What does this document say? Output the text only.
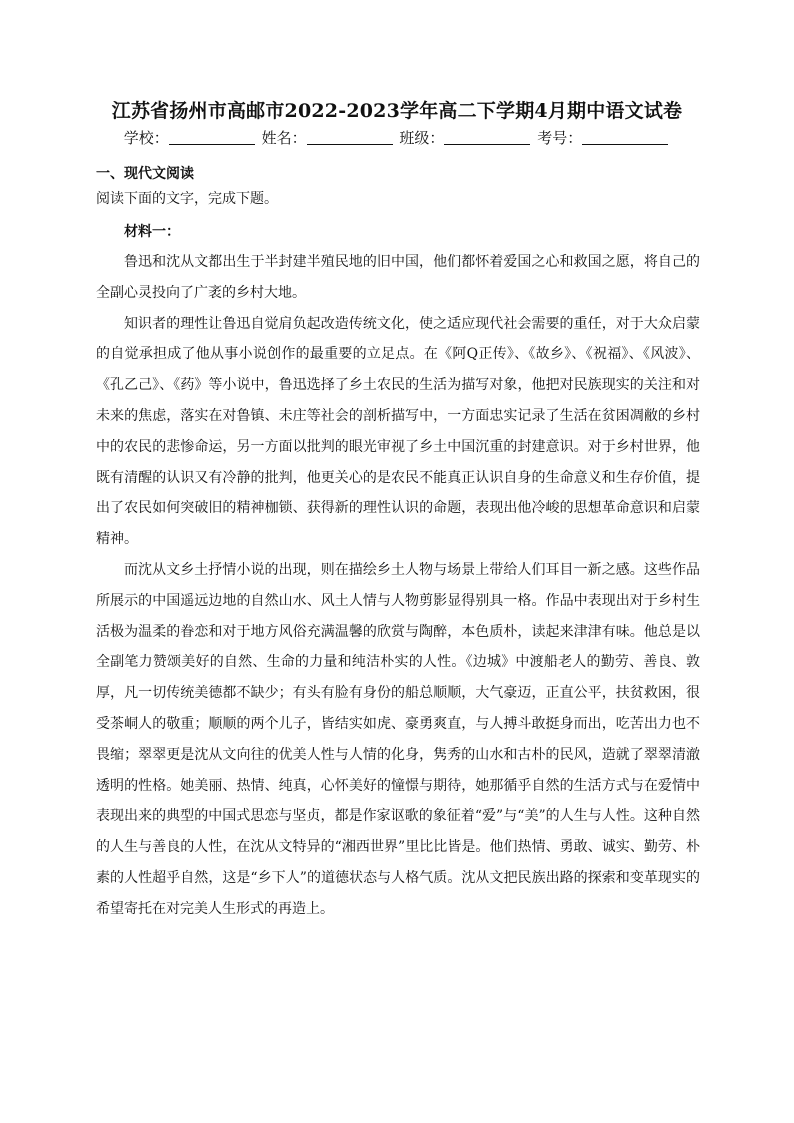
江苏省扬州市高邮市2022-2023学年高二下学期4月期中语文试卷
学校：	姓名：	班级：	考号：
一、现代文阅读
阅读下面的文字，完成下题。
材料一：

鲁迅和沈从文都出生于半封建半殖民地的旧中国，他们都怀着爱国之心和救国之愿，将自己的全副心灵投向了广袤的乡村大地。

知识者的理性让鲁迅自觉肩负起改造传统文化，使之适应现代社会需要的重任，对于大众启蒙的自觉承担成了他从事小说创作的最重要的立足点。在《阿Q正传》、《故乡》、《祝福》、《风波》、《孔乙己》、《药》等小说中，鲁迅选择了乡土农民的生活为描写对象，他把对民族现实的关注和对未来的焦虑，落实在对鲁镇、未庄等社会的剖析描写中，一方面忠实记录了生活在贫困凋敝的乡村中的农民的悲惨命运，另一方面以批判的眼光审视了乡土中国沉重的封建意识。对于乡村世界，他既有清醒的认识又有冷静的批判，他更关心的是农民不能真正认识自身的生命意义和生存价值，提出了农民如何突破旧的精神枷锁、获得新的理性认识的命题，表现出他冷峻的思想革命意识和启蒙精神。

而沈从文乡土抒情小说的出现，则在描绘乡土人物与场景上带给人们耳目一新之感。这些作品所展示的中国遥远边地的自然山水、风土人情与人物剪影显得别具一格。作品中表现出对于乡村生活极为温柔的眷恋和对于地方风俗充满温馨的欣赏与陶醉，本色质朴，读起来津津有味。他总是以全副笔力赞颂美好的自然、生命的力量和纯洁朴实的人性。《边城》中渡船老人的勤劳、善良、敦厚，凡一切传统美德都不缺少；有头有脸有身份的船总顺顺，大气豪迈，正直公平，扶贫救困，很受茶峒人的敬重；顺顺的两个儿子，皆结实如虎、豪勇爽直，与人搏斗敢挺身而出，吃苦出力也不畏缩；翠翠更是沈从文向往的优美人性与人情的化身，隽秀的山水和古朴的民风，造就了翠翠清澈透明的性格。她美丽、热情、纯真，心怀美好的憧憬与期待，她那循乎自然的生活方式与在爱情中表现出来的典型的中国式思恋与坚贞，都是作家讴歌的象征着“爱”与“美”的人生与人性。这种自然的人生与善良的人性，在沈从文特异的“湘西世界”里比比皆是。他们热情、勇敢、诚实、勤劳、朴素的人性超乎自然，这是“乡下人”的道德状态与人格气质。沈从文把民族出路的探索和变革现实的希望寄托在对完美人生形式的再造上。
